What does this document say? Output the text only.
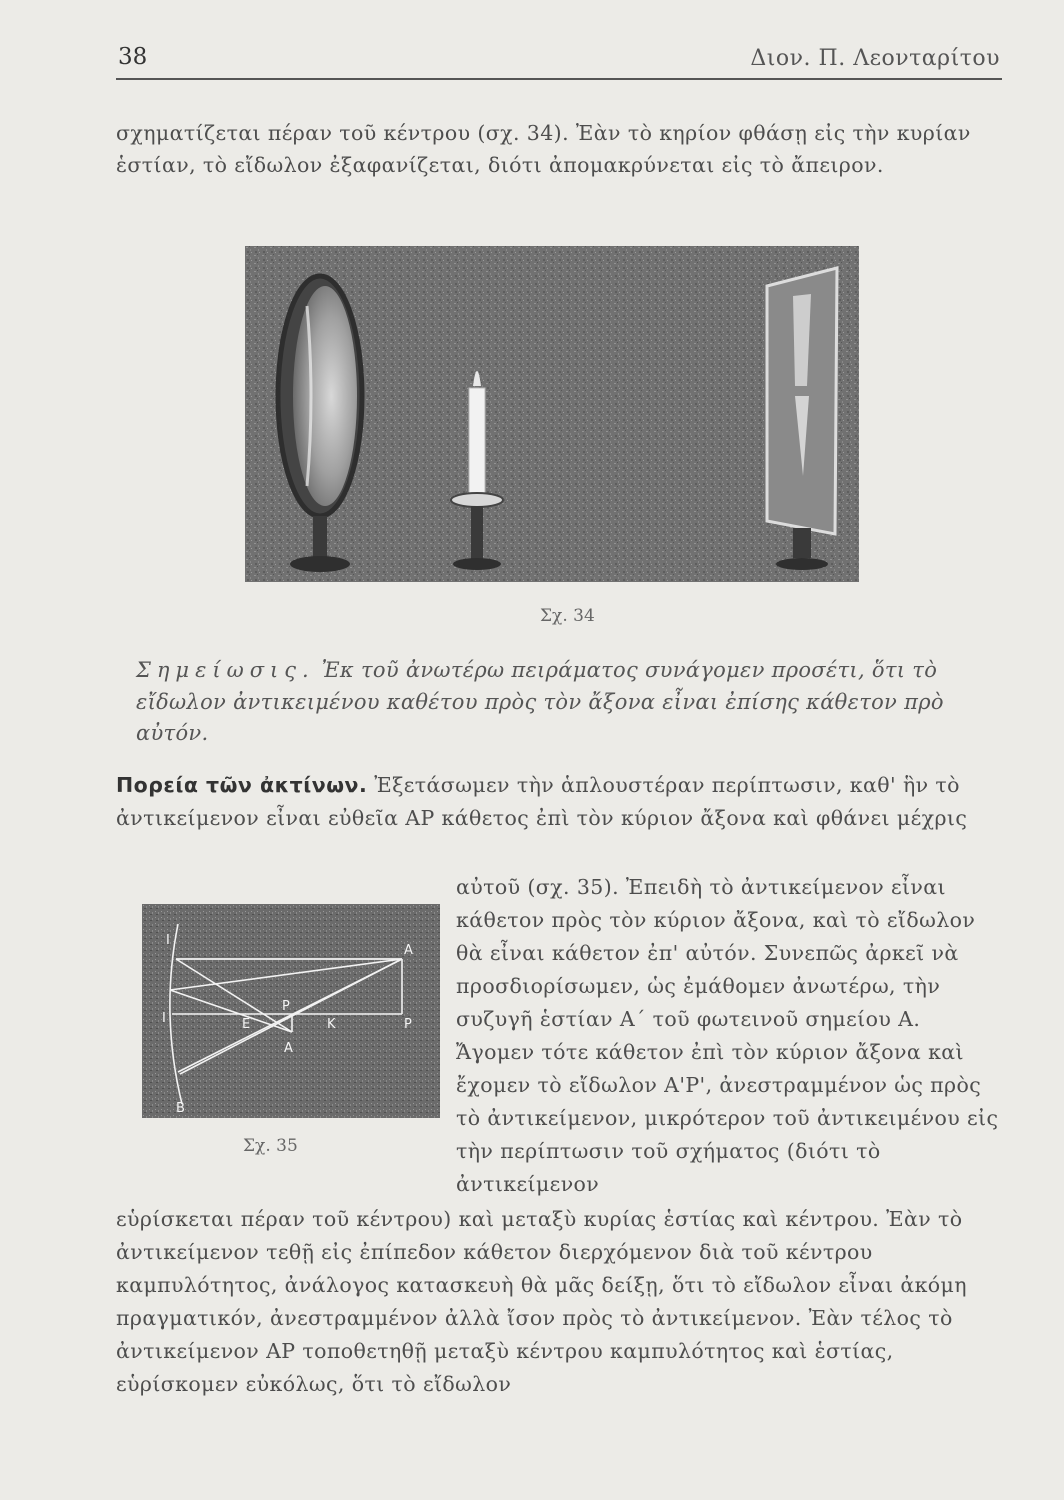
38	Διον. Π. Λεονταρίτου
σχηματίζεται πέραν τοῦ κέντρου (σχ. 34). Ἐὰν τὸ κηρίον φθάσῃ εἰς τὴν κυρίαν ἑστίαν, τὸ εἴδωλον ἐξαφανίζεται, διότι ἀπομακρύνεται εἰς τὸ ἄπειρον.
Σχ. 34
Σημείωσις. Ἐκ τοῦ ἀνωτέρω πειράματος συνάγομεν προσέτι, ὅτι τὸ εἴδωλον ἀντικειμένου καθέτου πρὸς τὸν ἄξονα εἶναι ἐπίσης κάθετον πρὸ αὐτόν.
Πορεία τῶν ἀκτίνων. Ἐξετάσωμεν τὴν ἁπλουστέραν περίπτωσιν, καθ' ἣν τὸ ἀντικείμενον εἶναι εὐθεῖα ΑΡ κάθετος ἐπὶ τὸν κύριον ἄξονα καὶ φθάνει μέχρις
αὐτοῦ (σχ. 35). Ἐπειδὴ τὸ ἀντικείμενον εἶναι κάθετον πρὸς τὸν κύριον ἄξονα, καὶ τὸ εἴδωλον θὰ εἶναι κάθετον ἐπ' αὐτόν. Συνεπῶς ἀρκεῖ νὰ προσδιορίσωμεν, ὡς ἐμάθομεν ἀνωτέρω, τὴν συζυγῆ ἑστίαν Α΄ τοῦ φωτεινοῦ σημείου Α. Ἄγομεν τότε κάθετον ἐπὶ τὸν κύριον ἄξονα καὶ ἔχομεν τὸ εἴδωλον Α'Ρ', ἀνεστραμμένον ὡς πρὸς τὸ ἀντικείμενον, μικρότερον τοῦ ἀντικειμένου εἰς τὴν περίπτωσιν τοῦ σχήματος (διότι τὸ ἀντικείμενον
A
P
I
I	E	K
B
A
P
Σχ. 35
εὑρίσκεται πέραν τοῦ κέντρου) καὶ μεταξὺ κυρίας ἑστίας καὶ κέντρου. Ἐὰν τὸ ἀντικείμενον τεθῇ εἰς ἐπίπεδον κάθετον διερχόμενον διὰ τοῦ κέντρου καμπυλότητος, ἀνάλογος κατασκευὴ θὰ μᾶς δείξῃ, ὅτι τὸ εἴδωλον εἶναι ἀκόμη πραγματικόν, ἀνεστραμμένον ἀλλὰ ἴσον πρὸς τὸ ἀντικείμενον. Ἐὰν τέλος τὸ ἀντικείμενον ΑΡ τοποθετηθῇ μεταξὺ κέντρου καμπυλότητος καὶ ἑστίας, εὑρίσκομεν εὐκόλως, ὅτι τὸ εἴδωλον
